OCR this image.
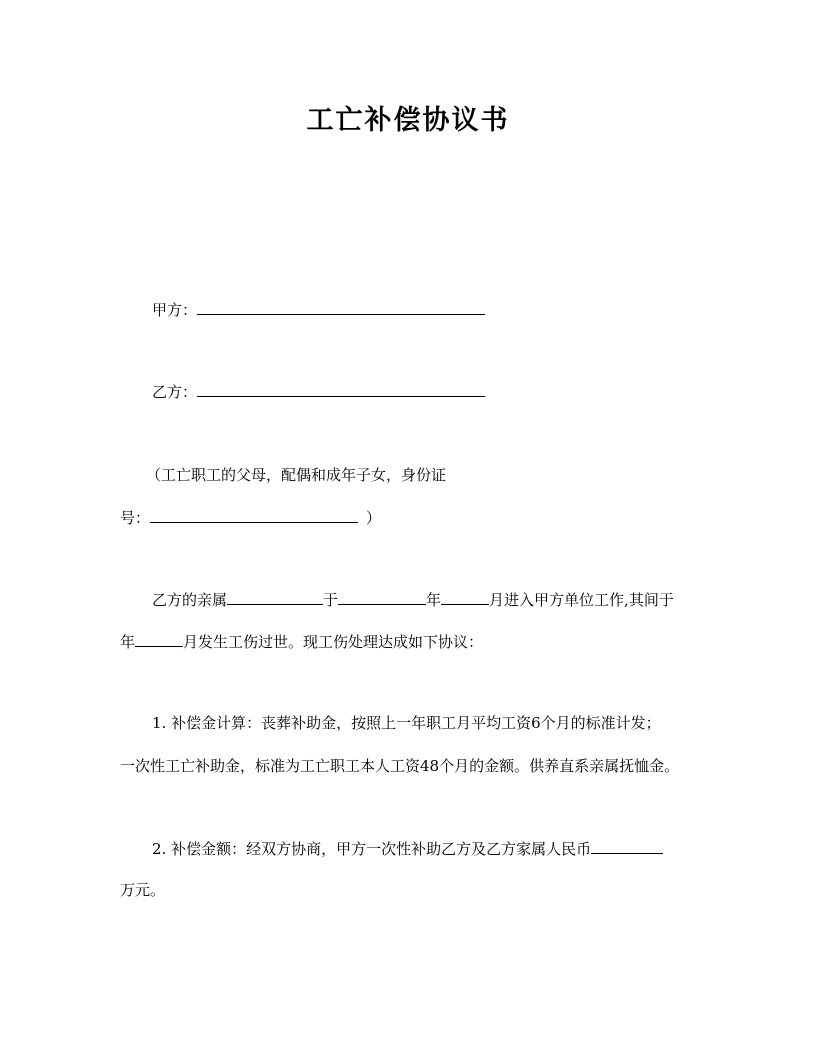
工亡补偿协议书
甲方：
乙方：
（工亡职工的父母，配偶和成年子女，身份证
号：	）
乙方的亲属	于	年	月进入甲方单位工作,其间于
年	月发生工伤过世。现工伤处理达成如下协议：
1. 补偿金计算：丧葬补助金，按照上一年职工月平均工资6个月的标准计发；
一次性工亡补助金，标准为工亡职工本人工资48个月的金额。供养直系亲属抚恤金。
2. 补偿金额：经双方协商，甲方一次性补助乙方及乙方家属人民币
万元。
